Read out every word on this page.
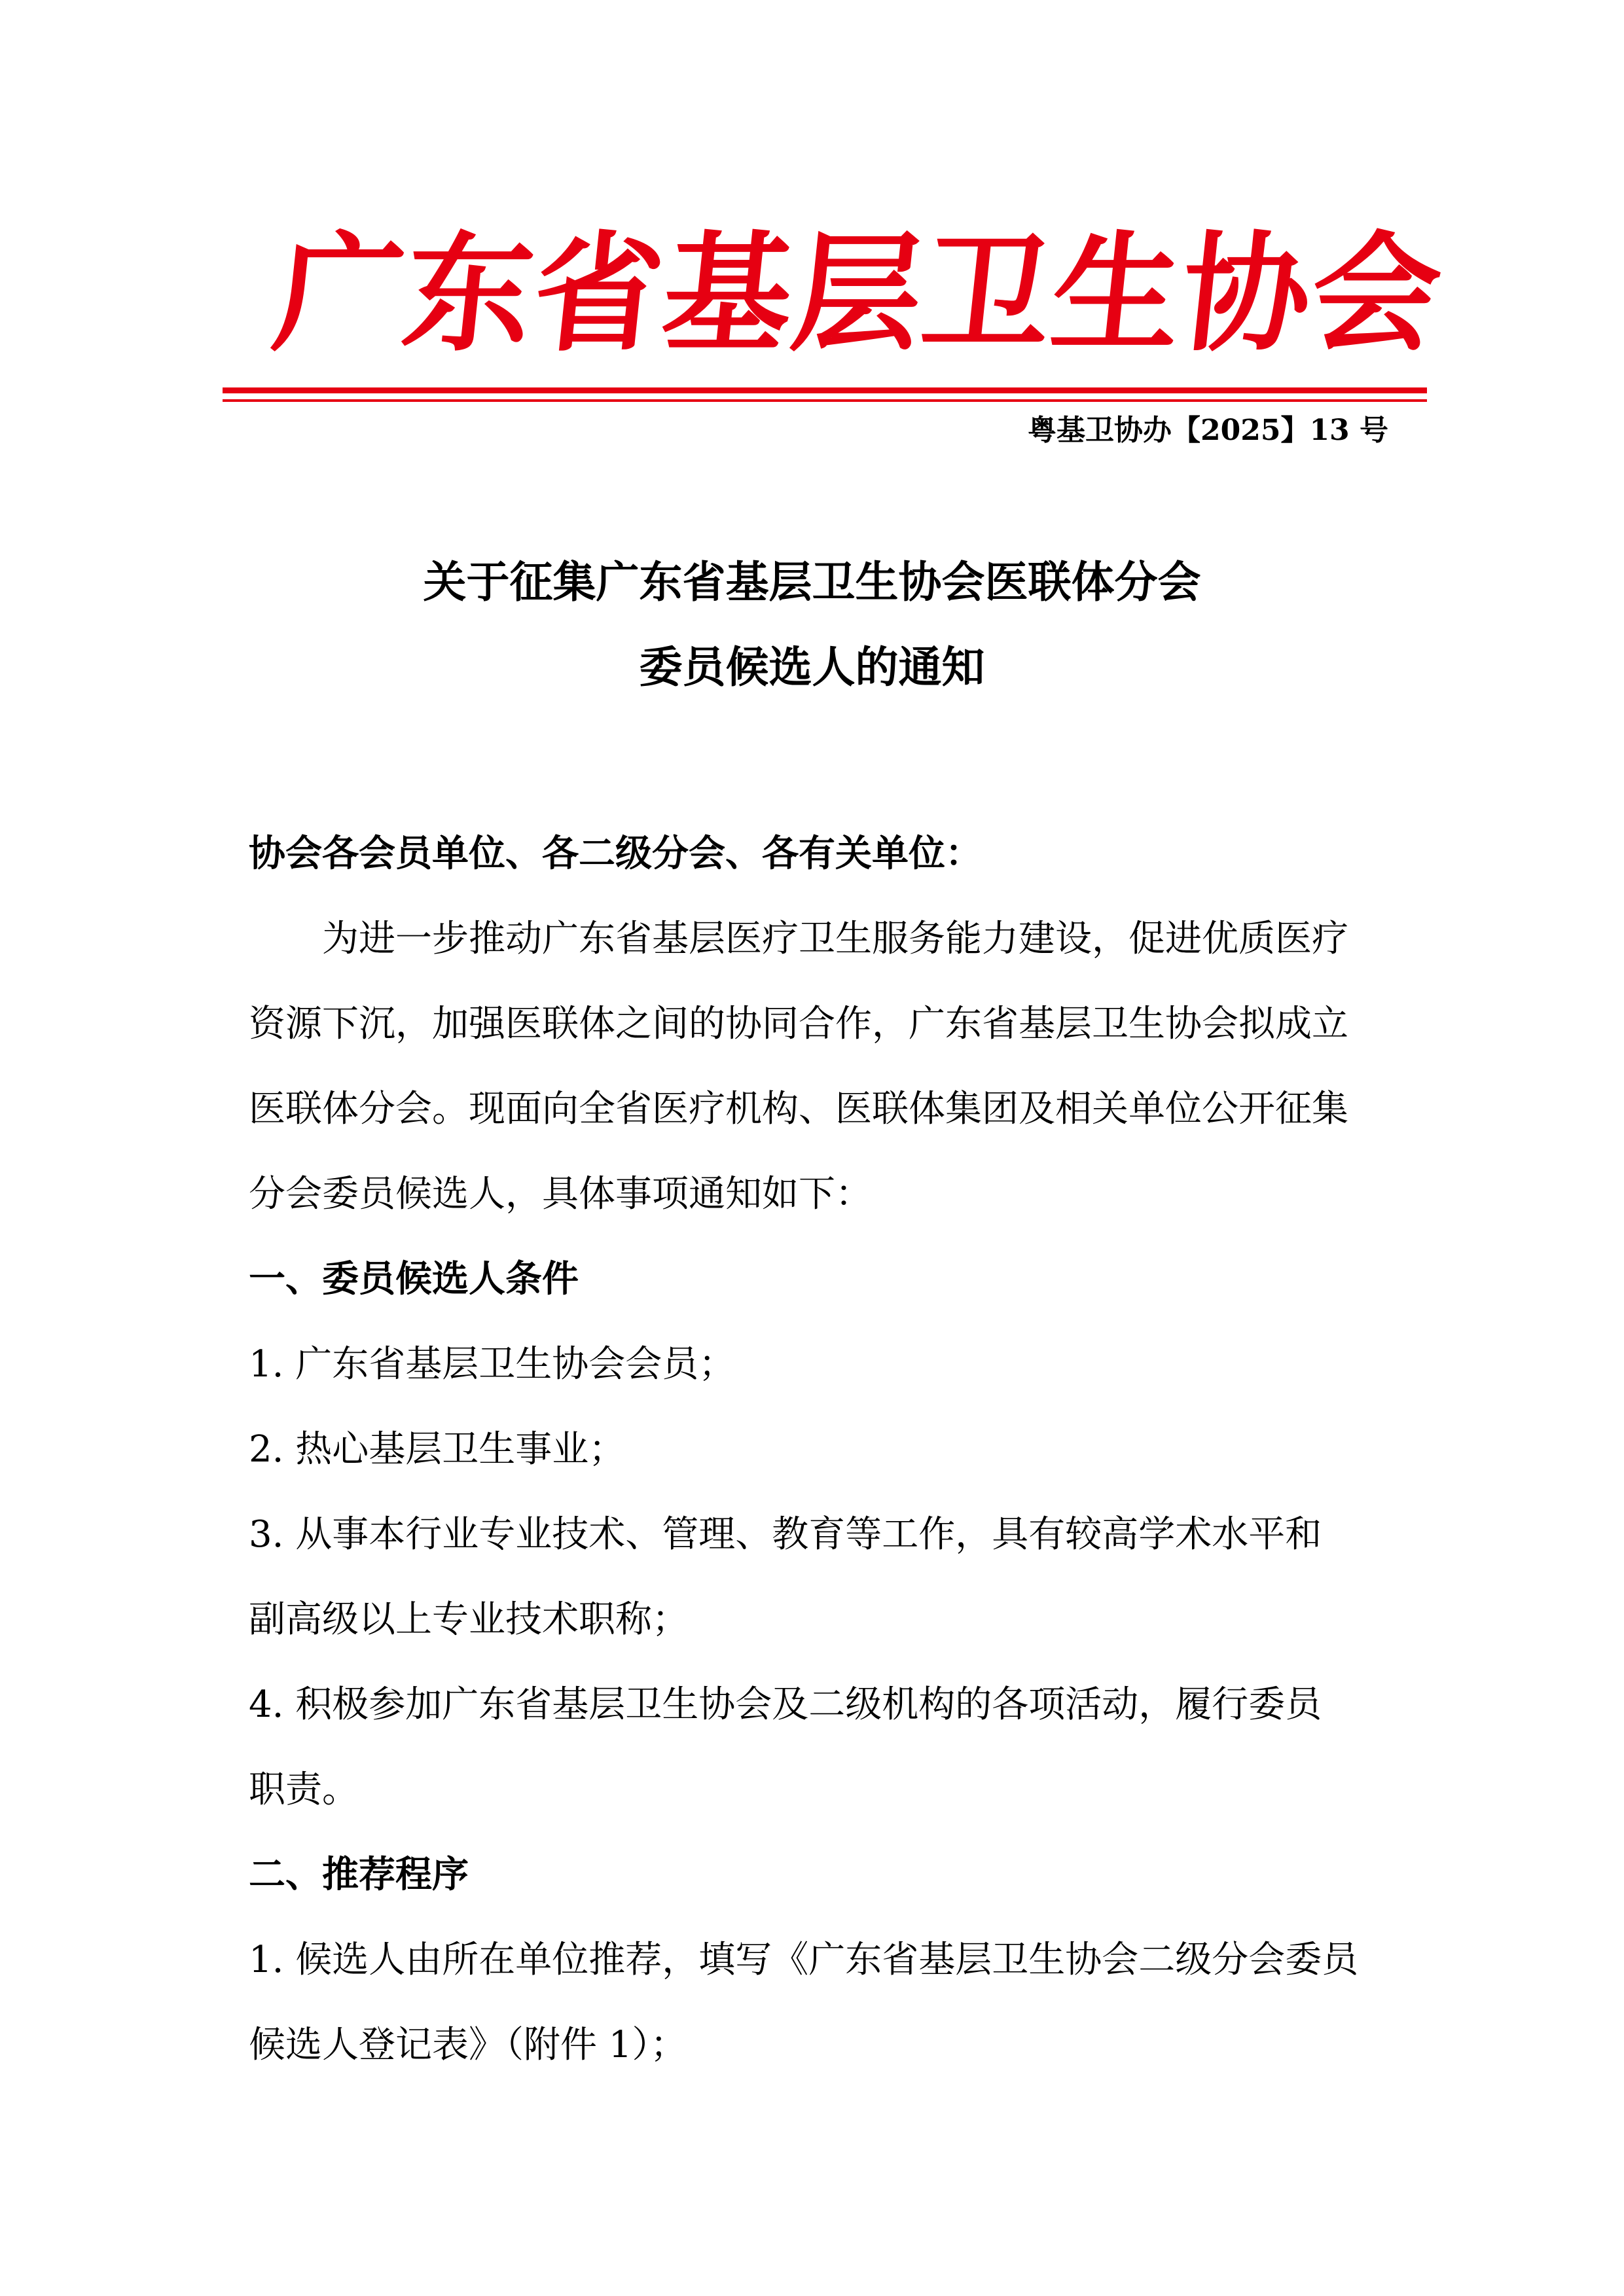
广东省基层卫生协会
粤基卫协办【2025】13 号
关于征集广东省基层卫生协会医联体分会
委员候选人的通知

协会各会员单位、各二级分会、各有关单位：

为进一步推动广东省基层医疗卫生服务能力建设，促进优质医疗

资源下沉，加强医联体之间的协同合作，广东省基层卫生协会拟成立

医联体分会。现面向全省医疗机构、医联体集团及相关单位公开征集

分会委员候选人，具体事项通知如下：

一、委员候选人条件

1. 广东省基层卫生协会会员；

2. 热心基层卫生事业；

3. 从事本行业专业技术、管理、教育等工作，具有较高学术水平和

副高级以上专业技术职称；

4. 积极参加广东省基层卫生协会及二级机构的各项活动，履行委员

职责。

二、推荐程序

1. 候选人由所在单位推荐，填写《广东省基层卫生协会二级分会委员

候选人登记表》（附件 1）；
